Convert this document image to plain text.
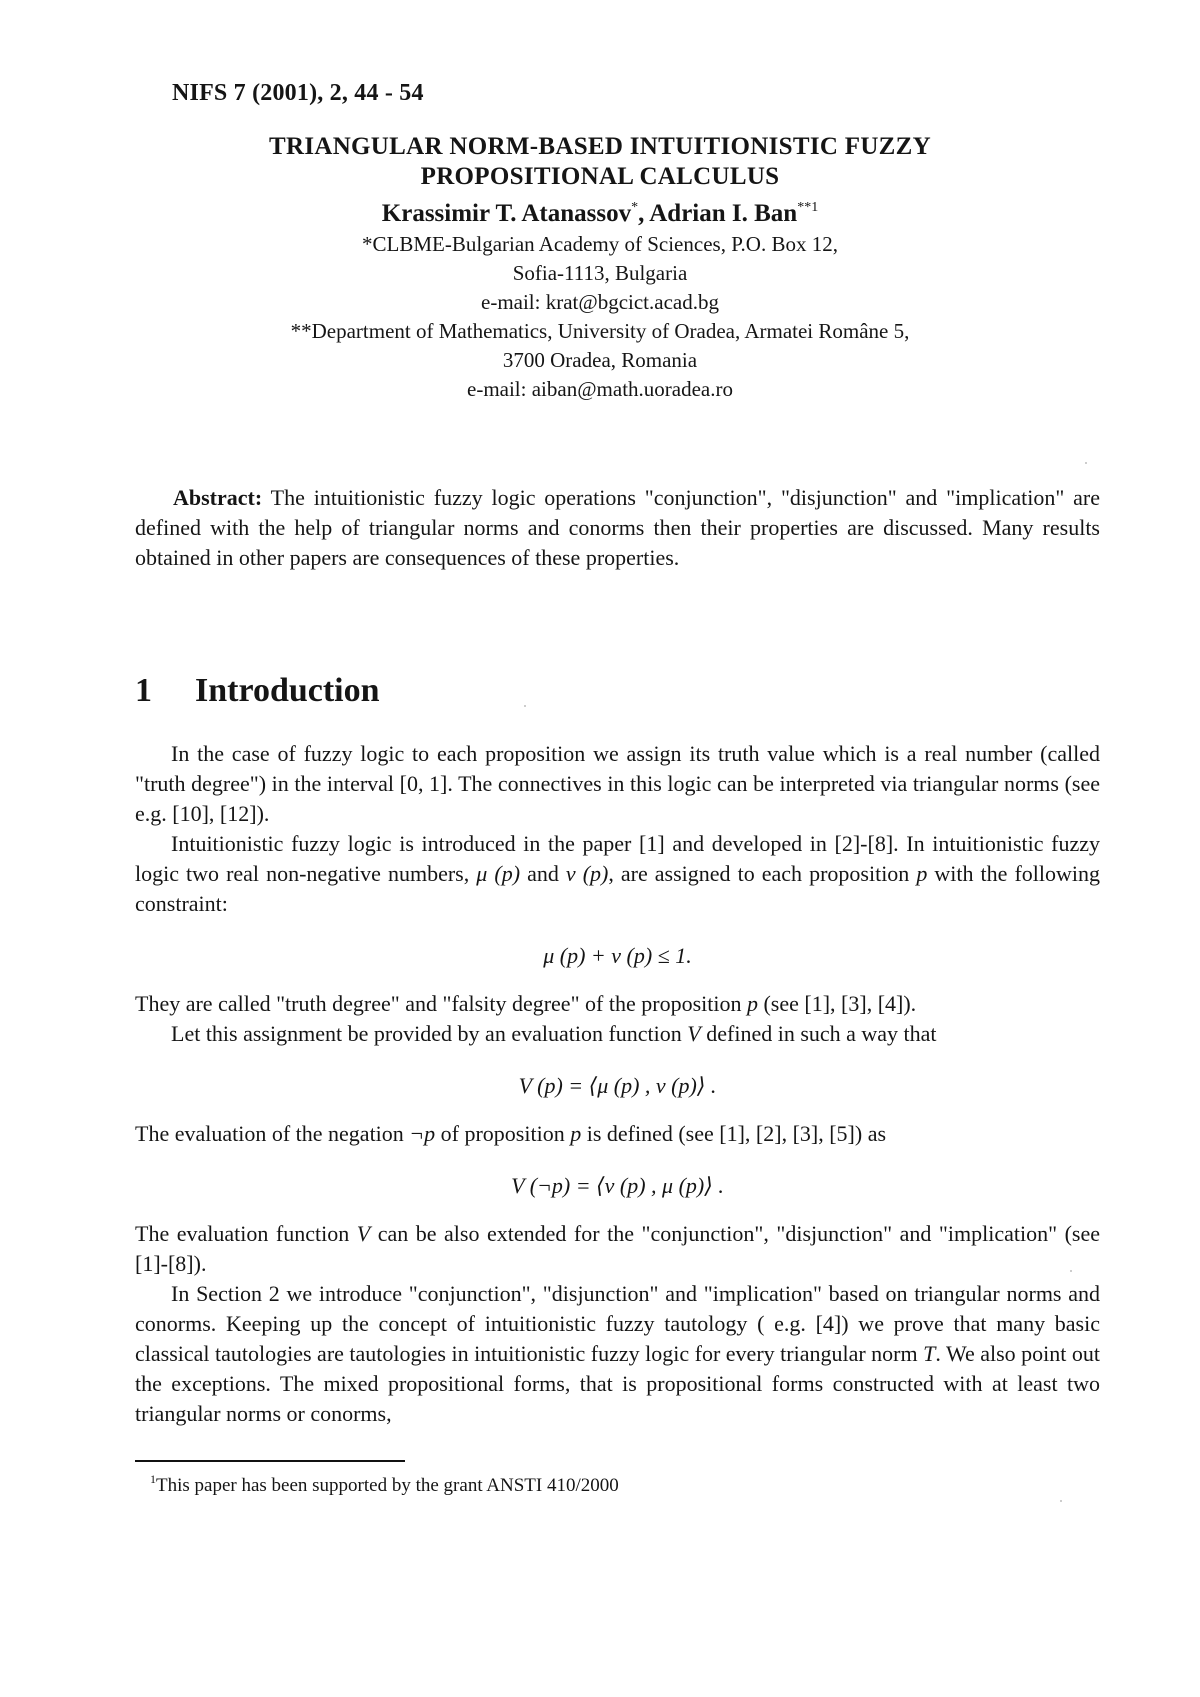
NIFS 7 (2001), 2, 44 - 54
TRIANGULAR NORM-BASED INTUITIONISTIC FUZZY
PROPOSITIONAL CALCULUS
Krassimir T. Atanassov*, Adrian I. Ban$^{**1}$
*CLBME-Bulgarian Academy of Sciences, P.O. Box 12,
Sofia-1113, Bulgaria
e-mail: krat@bgcict.acad.bg
**Department of Mathematics, University of Oradea, Armatei Române 5,
3700 Oradea, Romania
e-mail: aiban@math.uoradea.ro
Abstract: The intuitionistic fuzzy logic operations "conjunction", "disjunction" and "implication" are defined with the help of triangular norms and conorms then their properties are discussed. Many results obtained in other papers are consequences of these properties.
1 Introduction

In the case of fuzzy logic to each proposition we assign its truth value which is a real number (called "truth degree") in the interval [0, 1]. The connectives in this logic can be interpreted via triangular norms (see e.g. [10], [12]).

Intuitionistic fuzzy logic is introduced in the paper [1] and developed in [2]-[8]. In intuitionistic fuzzy logic two real non-negative numbers, μ (p) and ν (p), are assigned to each proposition p with the following constraint:

μ (p) + ν (p) ≤ 1.

They are called "truth degree" and "falsity degree" of the proposition p (see [1], [3], [4]).

Let this assignment be provided by an evaluation function V defined in such a way that

V (p) = ⟨μ (p) , ν (p)⟩ .

The evaluation of the negation ¬p of proposition p is defined (see [1], [2], [3], [5]) as

V (¬p) = ⟨ν (p) , μ (p)⟩ .

The evaluation function V can be also extended for the "conjunction", "disjunction" and "implication" (see [1]-[8]).

In Section 2 we introduce "conjunction", "disjunction" and "implication" based on triangular norms and conorms. Keeping up the concept of intuitionistic fuzzy tautology ( e.g. [4]) we prove that many basic classical tautologies are tautologies in intuitionistic fuzzy logic for every triangular norm T. We also point out the exceptions. The mixed propositional forms, that is propositional forms constructed with at least two triangular norms or conorms,

$^1$This paper has been supported by the grant ANSTI 410/2000
